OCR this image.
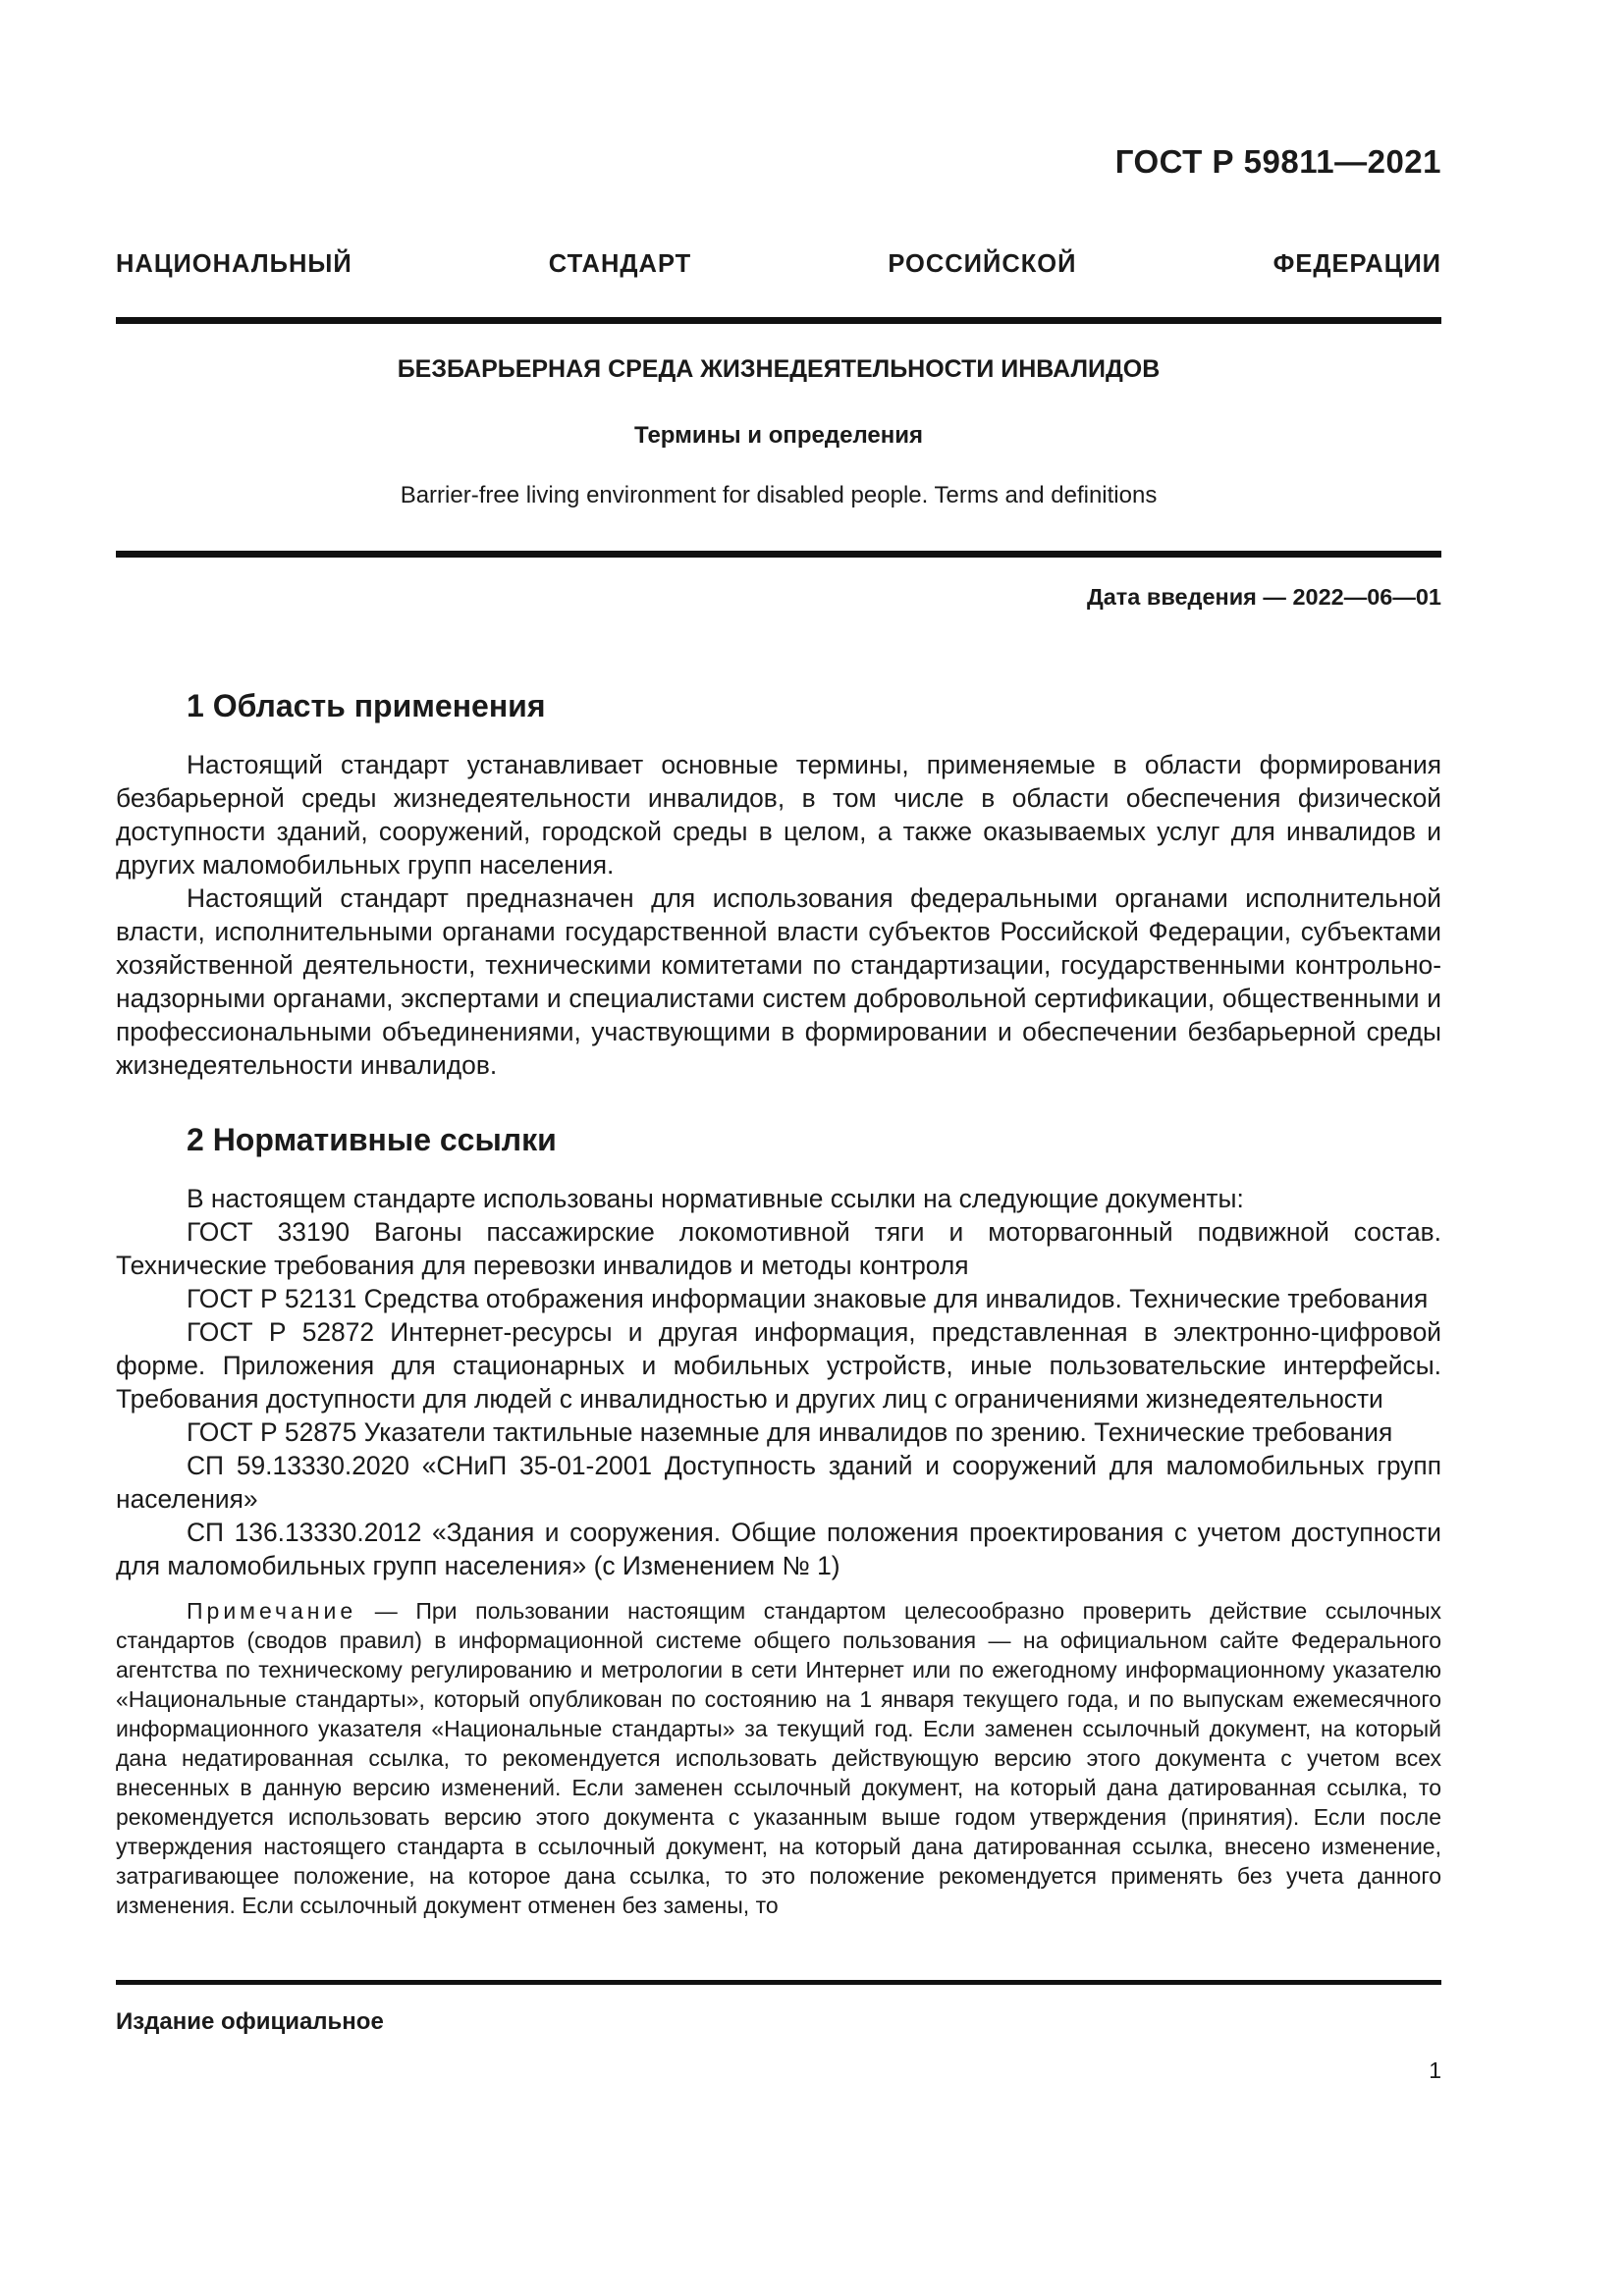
ГОСТ Р 59811—2021
НАЦИОНАЛЬНЫЙ СТАНДАРТ РОССИЙСКОЙ ФЕДЕРАЦИИ
БЕЗБАРЬЕРНАЯ СРЕДА ЖИЗНЕДЕЯТЕЛЬНОСТИ ИНВАЛИДОВ
Термины и определения
Barrier-free living environment for disabled people. Terms and definitions
Дата введения — 2022—06—01
1 Область применения

Настоящий стандарт устанавливает основные термины, применяемые в области формирования безбарьерной среды жизнедеятельности инвалидов, в том числе в области обеспечения физической доступности зданий, сооружений, городской среды в целом, а также оказываемых услуг для инвалидов и других маломобильных групп населения.

Настоящий стандарт предназначен для использования федеральными органами исполнительной власти, исполнительными органами государственной власти субъектов Российской Федерации, субъектами хозяйственной деятельности, техническими комитетами по стандартизации, государственными контрольно-надзорными органами, экспертами и специалистами систем добровольной сертификации, общественными и профессиональными объединениями, участвующими в формировании и обеспечении безбарьерной среды жизнедеятельности инвалидов.

2 Нормативные ссылки

В настоящем стандарте использованы нормативные ссылки на следующие документы:

ГОСТ 33190 Вагоны пассажирские локомотивной тяги и моторвагонный подвижной состав. Технические требования для перевозки инвалидов и методы контроля

ГОСТ Р 52131 Средства отображения информации знаковые для инвалидов. Технические требования

ГОСТ Р 52872 Интернет-ресурсы и другая информация, представленная в электронно-цифровой форме. Приложения для стационарных и мобильных устройств, иные пользовательские интерфейсы. Требования доступности для людей с инвалидностью и других лиц с ограничениями жизнедеятельности

ГОСТ Р 52875 Указатели тактильные наземные для инвалидов по зрению. Технические требования

СП 59.13330.2020 «СНиП 35-01-2001 Доступность зданий и сооружений для маломобильных групп населения»

СП 136.13330.2012 «Здания и сооружения. Общие положения проектирования с учетом доступности для маломобильных групп населения» (с Изменением № 1)

Примечание — При пользовании настоящим стандартом целесообразно проверить действие ссылочных стандартов (сводов правил) в информационной системе общего пользования — на официальном сайте Федерального агентства по техническому регулированию и метрологии в сети Интернет или по ежегодному информационному указателю «Национальные стандарты», который опубликован по состоянию на 1 января текущего года, и по выпускам ежемесячного информационного указателя «Национальные стандарты» за текущий год. Если заменен ссылочный документ, на который дана недатированная ссылка, то рекомендуется использовать действующую версию этого документа с учетом всех внесенных в данную версию изменений. Если заменен ссылочный документ, на который дана датированная ссылка, то рекомендуется использовать версию этого документа с указанным выше годом утверждения (принятия). Если после утверждения настоящего стандарта в ссылочный документ, на который дана датированная ссылка, внесено изменение, затрагивающее положение, на которое дана ссылка, то это положение рекомендуется применять без учета данного изменения. Если ссылочный документ отменен без замены, то

Издание официальное
1
